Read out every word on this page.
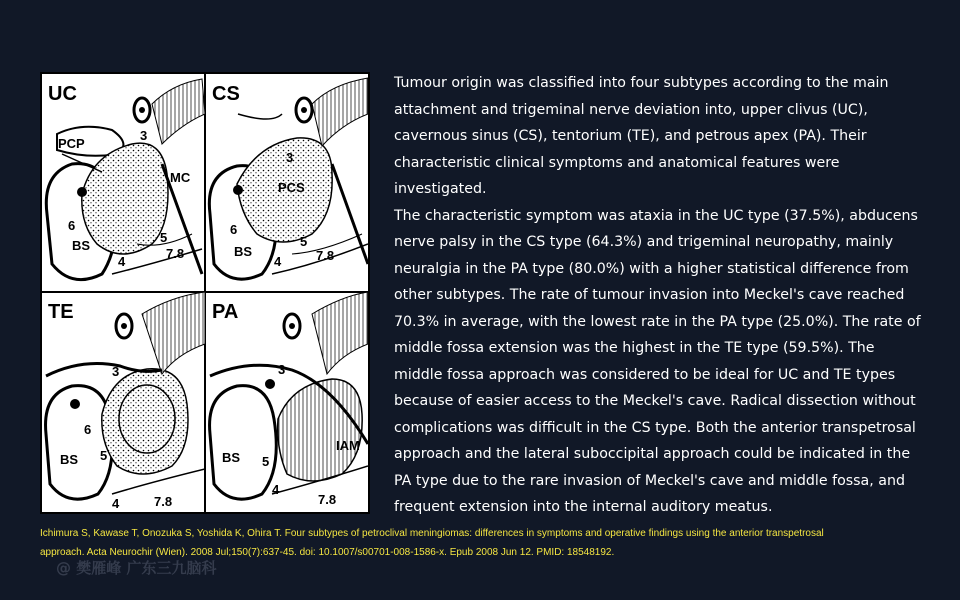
UC
PCP
3
MC
6
BS
5
4
7.8
CS
3
PCS
6
BS
5
4	7.8
TE
3
6
BS 5
4	7.8
PA
3
BS 5
4
IAM
7.8

Tumour origin was classified into four subtypes according to the main attachment and trigeminal nerve deviation into, upper clivus (UC), cavernous sinus (CS), tentorium (TE), and petrous apex (PA). Their characteristic clinical symptoms and anatomical features were investigated.

The characteristic symptom was ataxia in the UC type (37.5%), abducens nerve palsy in the CS type (64.3%) and trigeminal neuropathy, mainly neuralgia in the PA type (80.0%) with a higher statistical difference from other subtypes. The rate of tumour invasion into Meckel's cave reached 70.3% in average, with the lowest rate in the PA type (25.0%). The rate of middle fossa extension was the highest in the TE type (59.5%). The middle fossa approach was considered to be ideal for UC and TE types because of easier access to the Meckel's cave. Radical dissection without complications was difficult in the CS type. Both the anterior transpetrosal approach and the lateral suboccipital approach could be indicated in the PA type due to the rare invasion of Meckel's cave and middle fossa, and frequent extension into the internal auditory meatus.

Ichimura S, Kawase T, Onozuka S, Yoshida K, Ohira T. Four subtypes of petroclival meningiomas: differences in symptoms and operative findings using the anterior transpetrosal
approach. Acta Neurochir (Wien). 2008 Jul;150(7):637-45. doi: 10.1007/s00701-008-1586-x. Epub 2008 Jun 12. PMID: 18548192.
@ 樊雁峰 广东三九脑科
